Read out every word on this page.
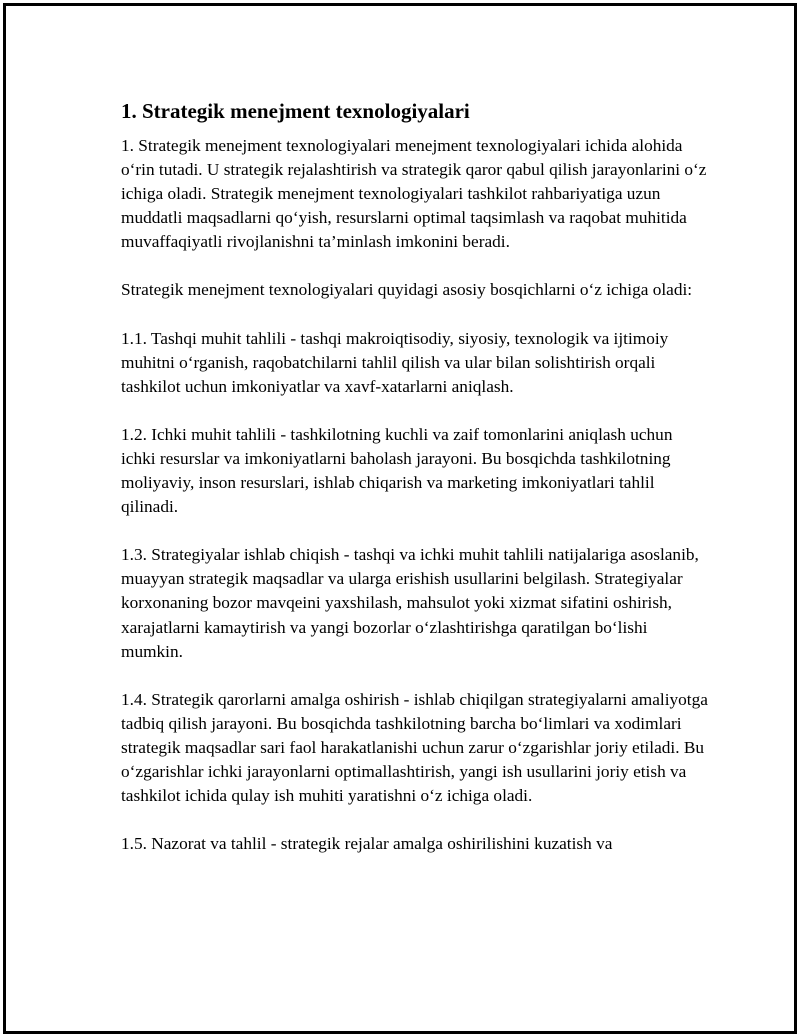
1. Strategik menejment texnologiyalari

1. Strategik menejment texnologiyalari menejment texnologiyalari ichida alohida o‘rin tutadi. U strategik rejalashtirish va strategik qaror qabul qilish jarayonlarini o‘z ichiga oladi. Strategik menejment texnologiyalari tashkilot rahbariyatiga uzun muddatli maqsadlarni qo‘yish, resurslarni optimal taqsimlash va raqobat muhitida muvaffaqiyatli rivojlanishni ta’minlash imkonini beradi.

Strategik menejment texnologiyalari quyidagi asosiy bosqichlarni o‘z ichiga oladi:

1.1. Tashqi muhit tahlili - tashqi makroiqtisodiy, siyosiy, texnologik va ijtimoiy muhitni o‘rganish, raqobatchilarni tahlil qilish va ular bilan solishtirish orqali tashkilot uchun imkoniyatlar va xavf-xatarlarni aniqlash.

1.2. Ichki muhit tahlili - tashkilotning kuchli va zaif tomonlarini aniqlash uchun ichki resurslar va imkoniyatlarni baholash jarayoni. Bu bosqichda tashkilotning moliyaviy, inson resurslari, ishlab chiqarish va marketing imkoniyatlari tahlil qilinadi.

1.3. Strategiyalar ishlab chiqish - tashqi va ichki muhit tahlili natijalariga asoslanib, muayyan strategik maqsadlar va ularga erishish usullarini belgilash. Strategiyalar korxonaning bozor mavqeini yaxshilash, mahsulot yoki xizmat sifatini oshirish, xarajatlarni kamaytirish va yangi bozorlar o‘zlashtirishga qaratilgan bo‘lishi mumkin.

1.4. Strategik qarorlarni amalga oshirish - ishlab chiqilgan strategiyalarni amaliyotga tadbiq qilish jarayoni. Bu bosqichda tashkilotning barcha bo‘limlari va xodimlari strategik maqsadlar sari faol harakatlanishi uchun zarur o‘zgarishlar joriy etiladi. Bu o‘zgarishlar ichki jarayonlarni optimallashtirish, yangi ish usullarini joriy etish va tashkilot ichida qulay ish muhiti yaratishni o‘z ichiga oladi.

1.5. Nazorat va tahlil - strategik rejalar amalga oshirilishini kuzatish va
